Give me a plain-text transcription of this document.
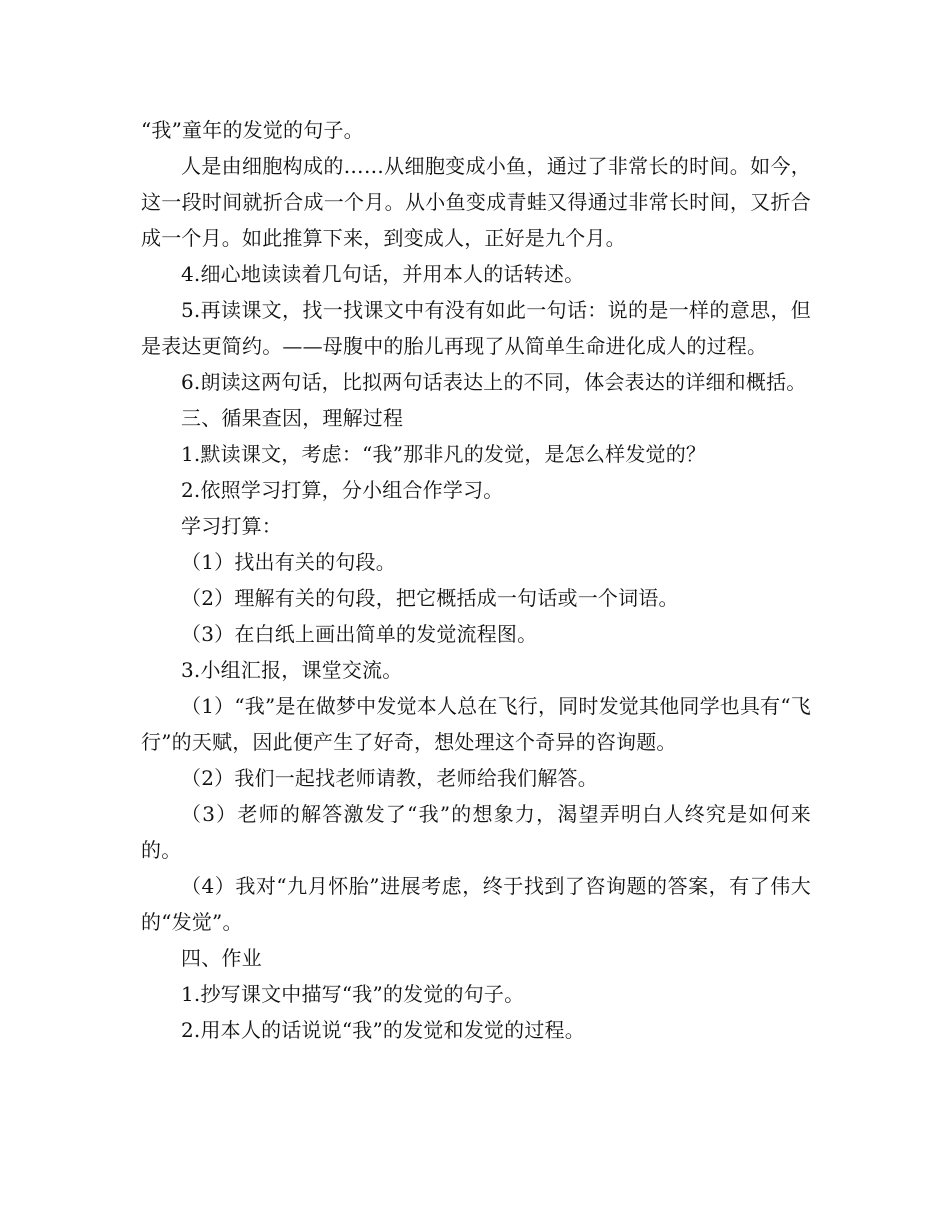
“我”童年的发觉的句子。

人是由细胞构成的……从细胞变成小鱼，通过了非常长的时间。如今，这一段时间就折合成一个月。从小鱼变成青蛙又得通过非常长时间，又折合成一个月。如此推算下来，到变成人，正好是九个月。

4.细心地读读着几句话，并用本人的话转述。

5.再读课文，找一找课文中有没有如此一句话：说的是一样的意思，但是表达更简约。——母腹中的胎儿再现了从简单生命进化成人的过程。

6.朗读这两句话，比拟两句话表达上的不同，体会表达的详细和概括。

三、循果查因，理解过程

1.默读课文，考虑：“我”那非凡的发觉，是怎么样发觉的？

2.依照学习打算，分小组合作学习。

学习打算：

（1）找出有关的句段。

（2）理解有关的句段，把它概括成一句话或一个词语。

（3）在白纸上画出简单的发觉流程图。

3.小组汇报，课堂交流。

（1）“我”是在做梦中发觉本人总在飞行，同时发觉其他同学也具有“飞行”的天赋，因此便产生了好奇，想处理这个奇异的咨询题。

（2）我们一起找老师请教，老师给我们解答。

（3）老师的解答激发了“我”的想象力，渴望弄明白人终究是如何来的。

（4）我对“九月怀胎”进展考虑，终于找到了咨询题的答案，有了伟大的“发觉”。

四、作业

1.抄写课文中描写“我”的发觉的句子。

2.用本人的话说说“我”的发觉和发觉的过程。
